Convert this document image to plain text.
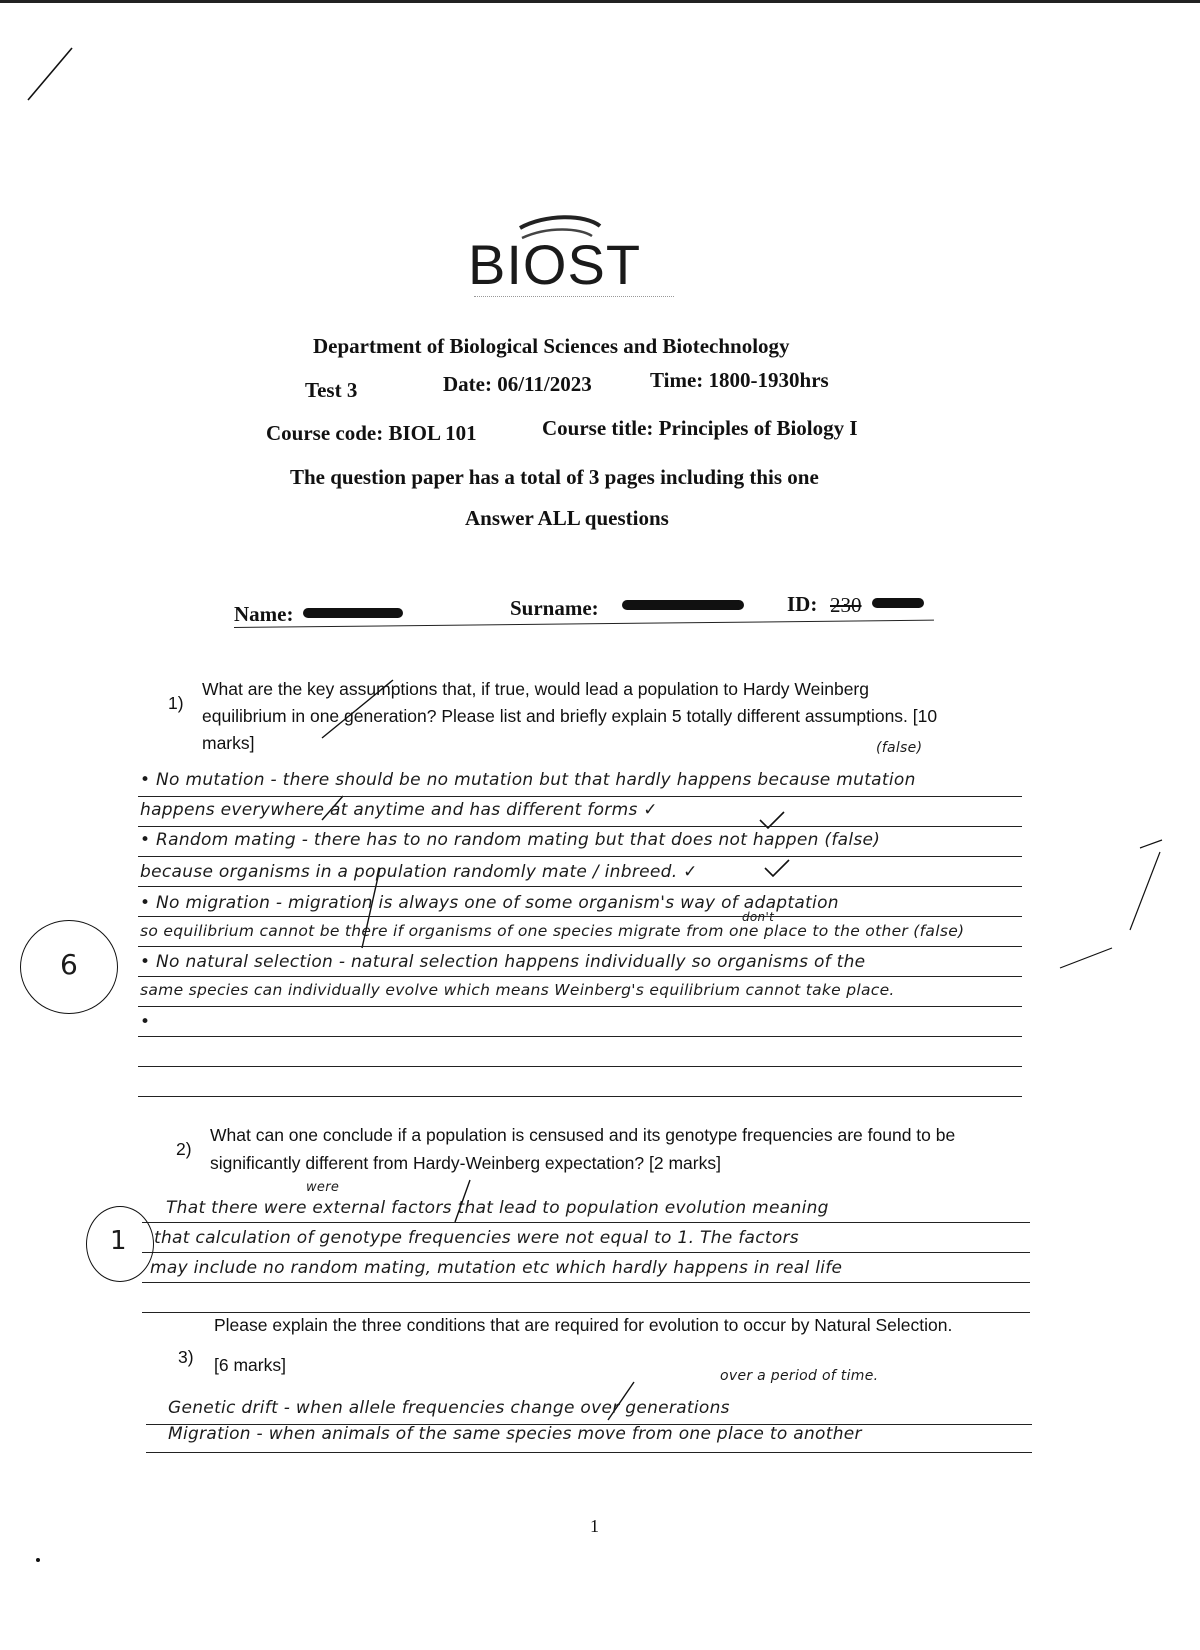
BIOST
Department of Biological Sciences and Biotechnology
Test 3	Date: 06/11/2023	Time: 1800-1930hrs
Course code: BIOL 101	Course title: Principles of Biology I
The question paper has a total of 3 pages including this one
Answer ALL questions
Name:	Surname:	ID: 230
1)
What are the key assumptions that, if true, would lead a population to Hardy Weinberg
equilibrium in one generation? Please list and briefly explain 5 totally different assumptions. [10
marks]	(false)
• No mutation - there should be no mutation but that hardly happens because mutation
happens everywhere at anytime and has different forms ✓
• Random mating - there has to no random mating but that does not happen (false)
because organisms in a population randomly mate / inbreed. ✓
• No migration - migration is always one of some organism's way of adaptation
don't
so equilibrium cannot be there if organisms of one species migrate from one place to the other (false)
• No natural selection - natural selection happens individually so organisms of the
same species can individually evolve which means Weinberg's equilibrium cannot take place.
•
6
2)
What can one conclude if a population is censused and its genotype frequencies are found to be
significantly different from Hardy-Weinberg expectation? [2 marks]
were
That there were external factors that lead to population evolution meaning
that calculation of genotype frequencies were not equal to 1. The factors
may include no random mating, mutation etc which hardly happens in real life
1
3)
Please explain the three conditions that are required for evolution to occur by Natural Selection.
[6 marks]
over a period of time.
Genetic drift - when allele frequencies change over generations
Migration - when animals of the same species move from one place to another
1
